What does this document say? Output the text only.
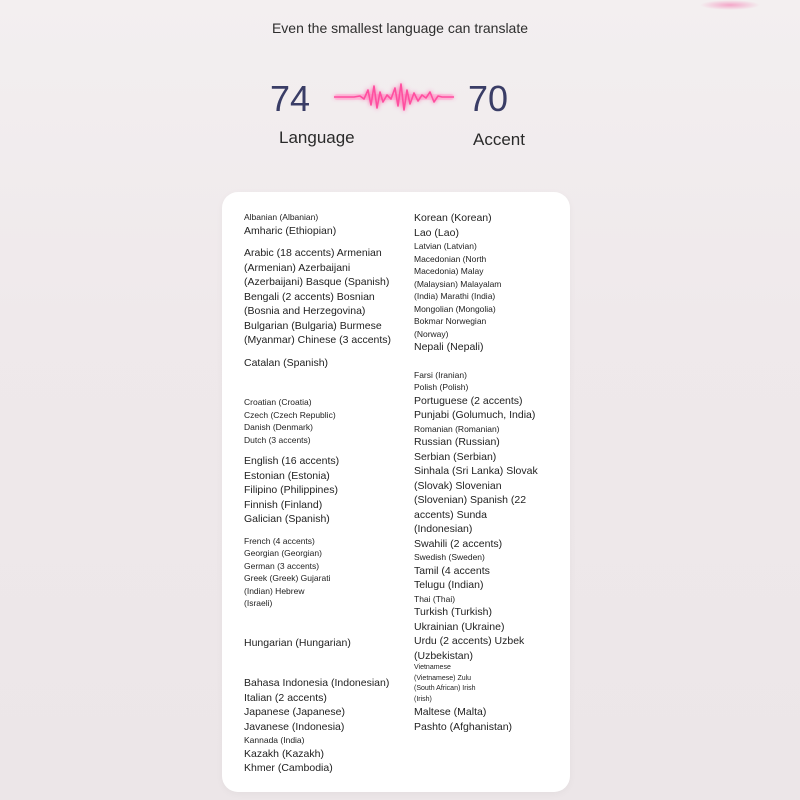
Even the smallest language can translate
74
Language
70
Accent
Albanian (Albanian)
Amharic (Ethiopian)
Arabic (18 accents) Armenian
(Armenian) Azerbaijani
(Azerbaijani) Basque (Spanish)
Bengali (2 accents) Bosnian
(Bosnia and Herzegovina)
Bulgarian (Bulgaria) Burmese
(Myanmar) Chinese (3 accents)
Catalan (Spanish)
Croatian (Croatia)
Czech (Czech Republic)
Danish (Denmark)
Dutch (3 accents)
English (16 accents)
Estonian (Estonia)
Filipino (Philippines)
Finnish (Finland)
Galician (Spanish)
French (4 accents)
Georgian (Georgian)
German (3 accents)
Greek (Greek) Gujarati
(Indian) Hebrew
(Israeli)
Hungarian (Hungarian)
Bahasa Indonesia (Indonesian)
Italian (2 accents)
Japanese (Japanese)
Javanese (Indonesia)
Kannada (India)
Kazakh (Kazakh)
Khmer (Cambodia)
Korean (Korean)
Lao (Lao)
Latvian (Latvian)
Macedonian (North
Macedonia) Malay
(Malaysian) Malayalam
(India) Marathi (India)
Mongolian (Mongolia)
Bokmar Norwegian
(Norway)
Nepali (Nepali)
Farsi (Iranian)
Polish (Polish)
Portuguese (2 accents)
Punjabi (Golumuch, India)
Romanian (Romanian)
Russian (Russian)
Serbian (Serbian)
Sinhala (Sri Lanka) Slovak
(Slovak) Slovenian
(Slovenian) Spanish (22
accents) Sunda
(Indonesian)
Swahili (2 accents)
Swedish (Sweden)
Tamil (4 accents
Telugu (Indian)
Thai (Thai)
Turkish (Turkish)
Ukrainian (Ukraine)
Urdu (2 accents) Uzbek
(Uzbekistan)
Vietnamese
(Vietnamese) Zulu
(South African) Irish
(Irish)
Maltese (Malta)
Pashto (Afghanistan)
